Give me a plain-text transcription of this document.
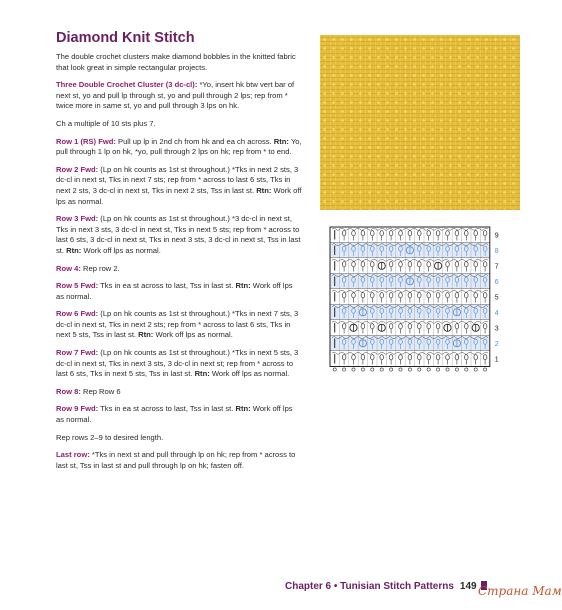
Diamond Knit Stitch

The double crochet clusters make diamond bobbles in the knitted fabric that look great in simple rectangular projects.

Three Double Crochet Cluster (3 dc-cl): *Yo, insert hk btw vert bar of next st, yo and pull lp through st, yo and pull through 2 lps; rep from * twice more in same st, yo and pull through 3 lps on hk.

Ch a multiple of 10 sts plus 7.

Row 1 (RS) Fwd: Pull up lp in 2nd ch from hk and ea ch across. Rtn: Yo, pull through 1 lp on hk, *yo, pull through 2 lps on hk; rep from * to end.

Row 2 Fwd: (Lp on hk counts as 1st st throughout.) *Tks in next 2 sts, 3 dc-cl in next st, Tks in next 7 sts; rep from * across to last 6 sts, Tks in next 2 sts, 3 dc-cl in next st, Tks in next 2 sts, Tss in last st. Rtn: Work off lps as normal.

Row 3 Fwd: (Lp on hk counts as 1st st throughout.) *3 dc-cl in next st, Tks in next 3 sts, 3 dc-cl in next st, Tks in next 5 sts; rep from * across to last 6 sts, 3 dc-cl in next st, Tks in next 3 sts, 3 dc-cl in next st, Tss in last st. Rtn: Work off lps as normal.

Row 4: Rep row 2.

Row 5 Fwd: Tks in ea st across to last, Tss in last st. Rtn: Work off lps as normal.

Row 6 Fwd: (Lp on hk counts as 1st st throughout.) *Tks in next 7 sts, 3 dc-cl in next st, Tks in next 2 sts; rep from * across to last 6 sts, Tks in next 5 sts, Tss in last st. Rtn: Work off lps as normal.

Row 7 Fwd: (Lp on hk counts as 1st st throughout.) *Tks in next 5 sts, 3 dc-cl in next st, Tks in next 3 sts, 3 dc-cl in next st; rep from * across to last 6 sts, Tks in next 5 sts, Tss in last st. Rtn: Work off lps as normal.

Row 8: Rep Row 6

Row 9 Fwd: Tks in ea st across to last, Tss in last st. Rtn: Work off lps as normal.

Rep rows 2–9 to desired length.

Last row: *Tks in next st and pull through lp on hk; rep from * across to last st, Tss in last st and pull through lp on hk; fasten off.

9
8
7
6
5
4
3
2
1
Chapter 6 • Tunisian Stitch Patterns 149 Страна Мам
